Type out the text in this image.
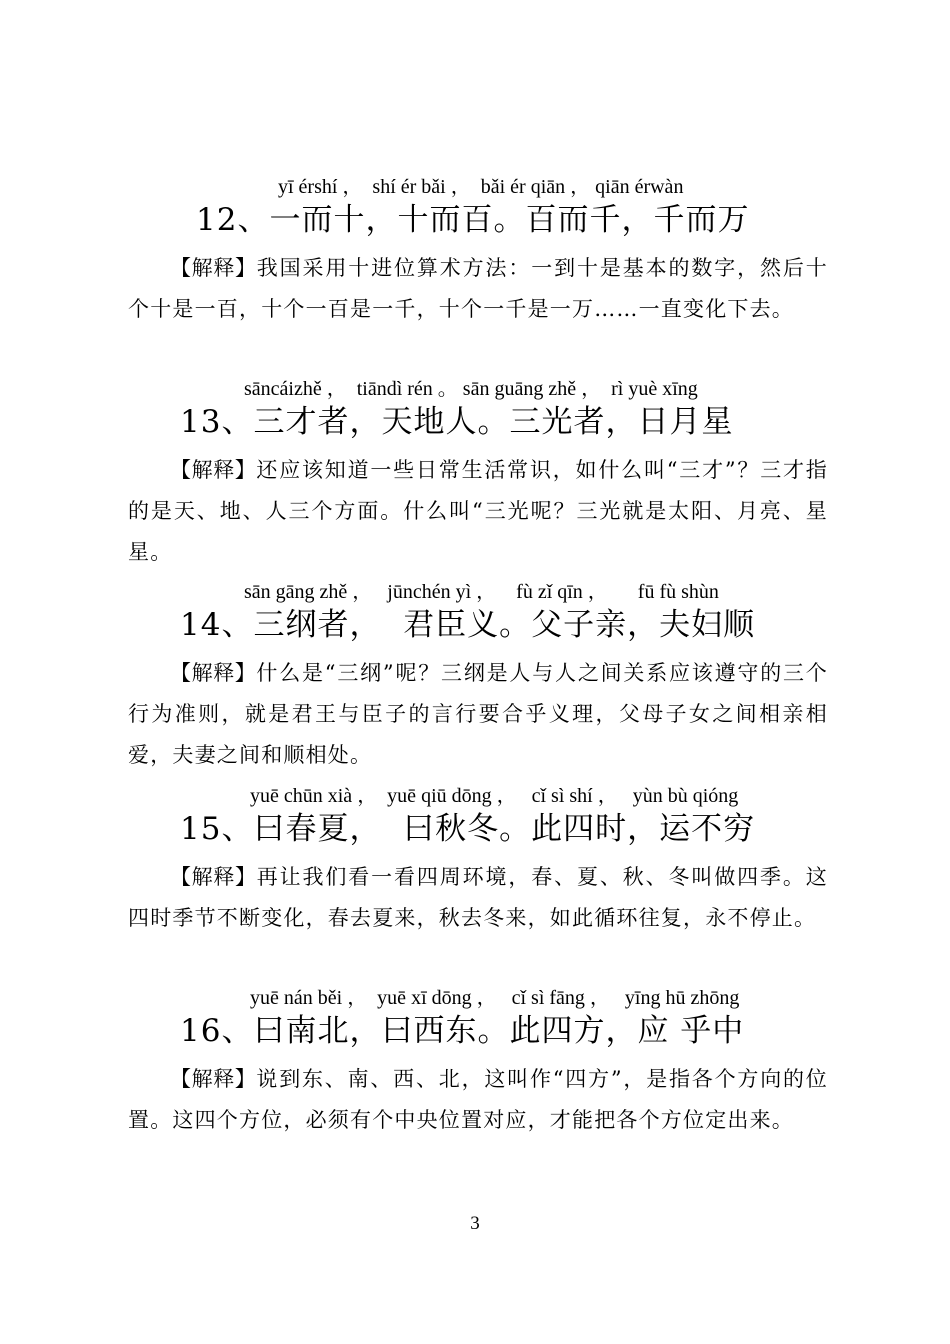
yī érshí ，  shí ér bǎi ，  bǎi ér qiān ， qiān érwàn
12、一而十，十而百。百而千，千而万
【解释】我国采用十进位算术方法：一到十是基本的数字，然后十个十是一百，十个一百是一千，十个一千是一万……一直变化下去。
sāncáizhě ，  tiāndì rén 。 sān guāng zhě ，  rì yuè xīng
13、三才者，天地人。三光者，日月星
【解释】还应该知道一些日常生活常识，如什么叫“三才”？三才指的是天、地、人三个方面。什么叫“三光呢？三光就是太阳、月亮、星星。
sān gāng zhě ，   jūnchén yì ，    fù zǐ qīn ，      fū fù shùn
14、三纲者，  君臣义。父子亲，夫妇顺
【解释】什么是“三纲”呢？三纲是人与人之间关系应该遵守的三个行为准则，就是君王与臣子的言行要合乎义理，父母子女之间相亲相爱，夫妻之间和顺相处。
yuē chūn xià ，  yuē qiū dōng ，   cǐ sì shí ，   yùn bù qióng
15、曰春夏，  曰秋冬。此四时，运不穷
【解释】再让我们看一看四周环境，春、夏、秋、冬叫做四季。这四时季节不断变化，春去夏来，秋去冬来，如此循环往复，永不停止。
yuē nán běi ，  yuē xī dōng ，   cǐ sì fāng ，   yīng hū zhōng
16、曰南北，曰西东。此四方，应 乎中
【解释】说到东、南、西、北，这叫作“四方”，是指各个方向的位置。这四个方位，必须有个中央位置对应，才能把各个方位定出来。
3
